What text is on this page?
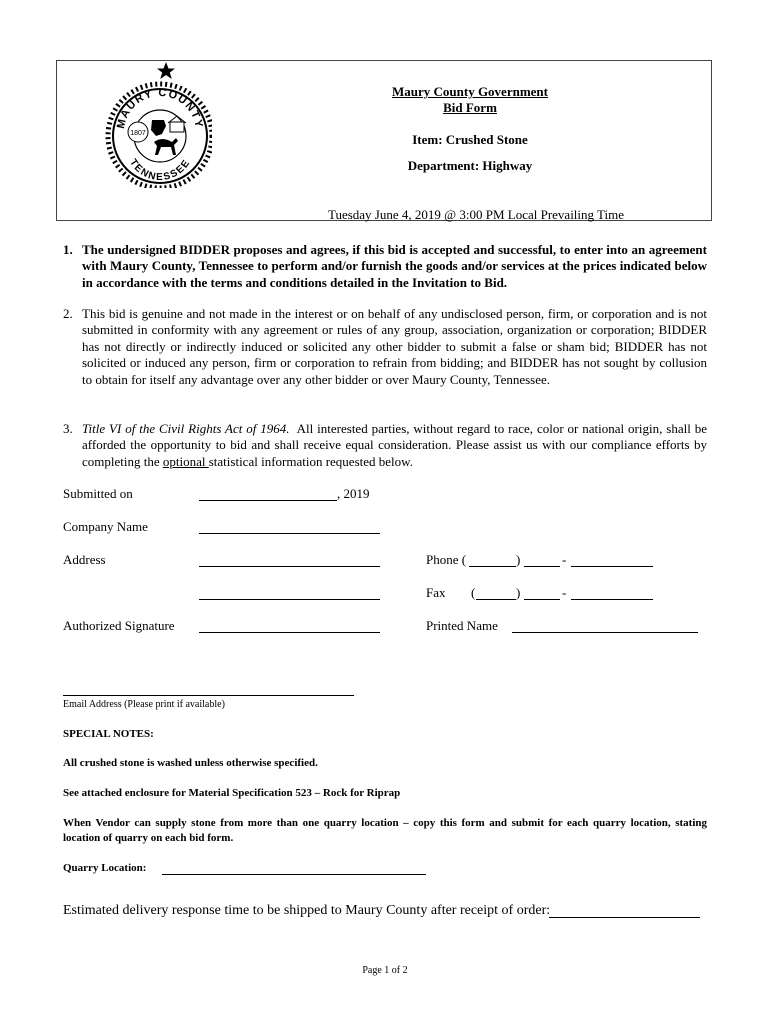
MAURY COUNTY
TENNESSEE
1807
Maury County Government
Bid Form
Item: Crushed Stone
Department: Highway
Tuesday June 4, 2019 @ 3:00 PM Local Prevailing Time
1. The undersigned BIDDER proposes and agrees, if this bid is accepted and successful, to enter into an agreement with Maury County, Tennessee to perform and/or furnish the goods and/or services at the prices indicated below in accordance with the terms and conditions detailed in the Invitation to Bid.
2. This bid is genuine and not made in the interest or on behalf of any undisclosed person, firm, or corporation and is not submitted in conformity with any agreement or rules of any group, association, organization or corporation; BIDDER has not directly or indirectly induced or solicited any other bidder to submit a false or sham bid; BIDDER has not solicited or induced any person, firm or corporation to refrain from bidding; and BIDDER has not sought by collusion to obtain for itself any advantage over any other bidder or over Maury County, Tennessee.
3. Title VI of the Civil Rights Act of 1964. All interested parties, without regard to race, color or national origin, shall be afforded the opportunity to bid and shall receive equal consideration. Please assist us with our compliance efforts by completing the optional statistical information requested below.
Submitted on	, 2019
Company Name
Address	Phone (	)	-
Fax (	)	-
Authorized Signature	Printed Name
Email Address (Please print if available)
SPECIAL NOTES:
All crushed stone is washed unless otherwise specified.
See attached enclosure for Material Specification 523 – Rock for Riprap
When Vendor can supply stone from more than one quarry location – copy this form and submit for each quarry location, stating location of quarry on each bid form.
Quarry Location:
Estimated delivery response time to be shipped to Maury County after receipt of order:
Page 1 of 2
